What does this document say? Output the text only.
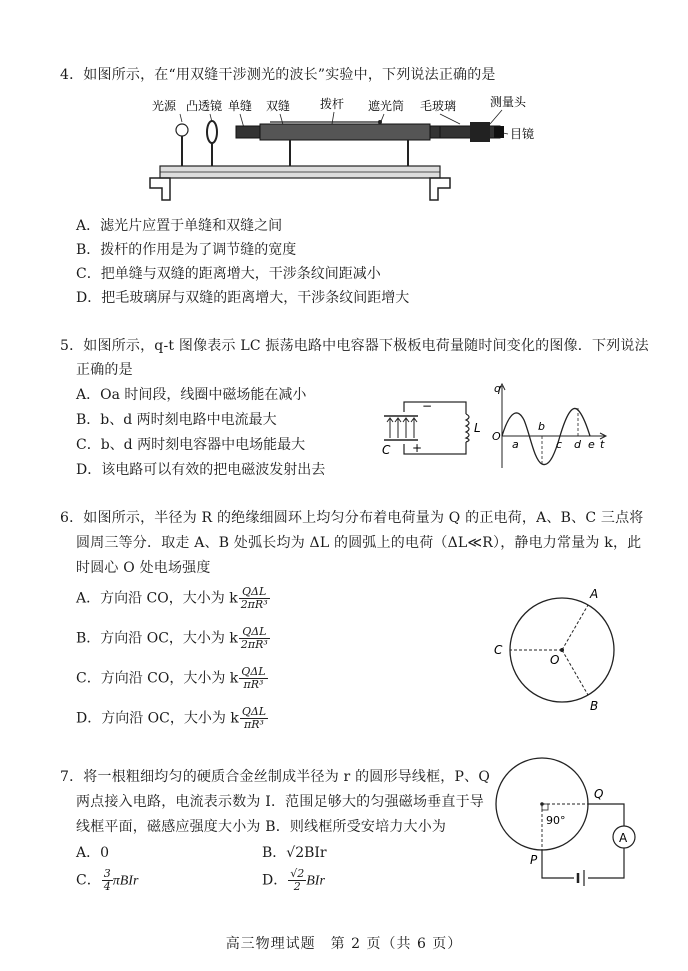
4．如图所示，在“用双缝干涉测光的波长”实验中，下列说法正确的是
光源 凸透镜 单缝 双缝 拨杆 遮光筒 毛玻璃	测量头
目镜
A．滤光片应置于单缝和双缝之间
B．拨杆的作用是为了调节缝的宽度
C．把单缝与双缝的距离增大，干涉条纹间距减小
D．把毛玻璃屏与双缝的距离增大，干涉条纹间距增大
5．如图所示，q-t 图像表示 LC 振荡电路中电容器下极板电荷量随时间变化的图像．下列说法
正确的是
A．Oa 时间段，线圈中磁场能在减小
B．b、d 两时刻电路中电流最大
C．b、d 两时刻电容器中电场能最大
D．该电路可以有效的把电磁波发射出去
−
+
C
L
q
O
a
b
c d e t
6．如图所示，半径为 R 的绝缘细圆环上均匀分布着电荷量为 Q 的正电荷，A、B、C 三点将
圆周三等分．取走 A、B 处弧长均为 ΔL 的圆弧上的电荷（ΔL≪R），静电力常量为 k，此
时圆心 O 处电场强度
A．方向沿 CO，大小为 k $\frac{\text{QΔL}}{\text{2πR³}}$
B．方向沿 OC，大小为 k $\frac{\text{QΔL}}{\text{2πR³}}$
C．方向沿 CO，大小为 k $\frac{\text{QΔL}}{\text{πR³}}$
D．方向沿 OC，大小为 k $\frac{\text{QΔL}}{\text{πR³}}$
A
B
C
O
7．将一根粗细均匀的硬质合金丝制成半径为 r 的圆形导线框，P、Q
两点接入电路，电流表示数为 I．范围足够大的匀强磁场垂直于导
线框平面，磁感应强度大小为 B．则线框所受安培力大小为
A．0	B．√2BIr
C． $\frac{3}{4}$ πBIr	D． $\frac{√2}{2}$ BIr
A
Q
P
90°
高三物理试题　第 2 页（共 6 页）
